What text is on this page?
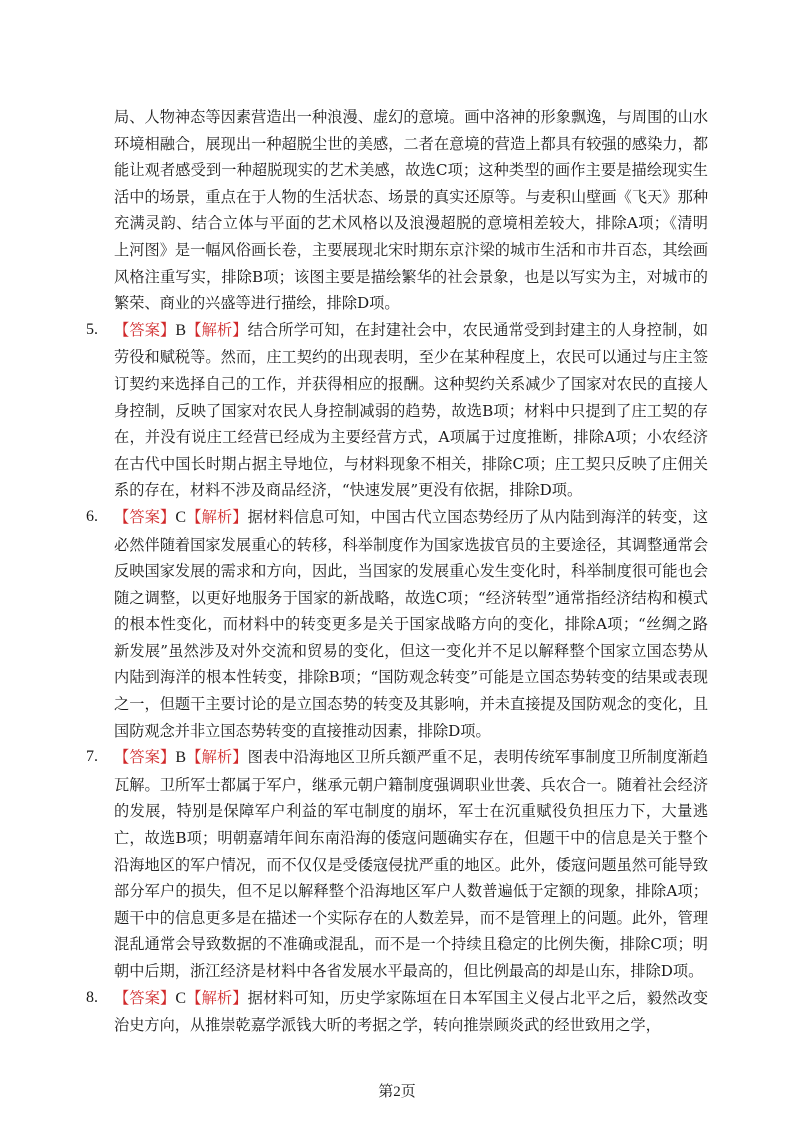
局、人物神态等因素营造出一种浪漫、虚幻的意境。画中洛神的形象飘逸，与周围的山水环境相融合，展现出一种超脱尘世的美感，二者在意境的营造上都具有较强的感染力，都能让观者感受到一种超脱现实的艺术美感，故选C项；这种类型的画作主要是描绘现实生活中的场景，重点在于人物的生活状态、场景的真实还原等。与麦积山壁画《飞天》那种充满灵韵、结合立体与平面的艺术风格以及浪漫超脱的意境相差较大，排除A项；《清明上河图》是一幅风俗画长卷，主要展现北宋时期东京汴梁的城市生活和市井百态，其绘画风格注重写实，排除B项；该图主要是描绘繁华的社会景象，也是以写实为主，对城市的繁荣、商业的兴盛等进行描绘，排除D项。

5.	【答案】B【解析】结合所学可知，在封建社会中，农民通常受到封建主的人身控制，如劳役和赋税等。然而，庄工契约的出现表明，至少在某种程度上，农民可以通过与庄主签订契约来选择自己的工作，并获得相应的报酬。这种契约关系减少了国家对农民的直接人身控制，反映了国家对农民人身控制减弱的趋势，故选B项；材料中只提到了庄工契的存在，并没有说庄工经营已经成为主要经营方式，A项属于过度推断，排除A项；小农经济在古代中国长时期占据主导地位，与材料现象不相关，排除C项；庄工契只反映了庄佣关系的存在，材料不涉及商品经济，“快速发展”更没有依据，排除D项。
6.	【答案】C【解析】据材料信息可知，中国古代立国态势经历了从内陆到海洋的转变，这必然伴随着国家发展重心的转移，科举制度作为国家选拔官员的主要途径，其调整通常会反映国家发展的需求和方向，因此，当国家的发展重心发生变化时，科举制度很可能也会随之调整，以更好地服务于国家的新战略，故选C项；“经济转型”通常指经济结构和模式的根本性变化，而材料中的转变更多是关于国家战略方向的变化，排除A项；“丝绸之路新发展”虽然涉及对外交流和贸易的变化，但这一变化并不足以解释整个国家立国态势从内陆到海洋的根本性转变，排除B项；“国防观念转变”可能是立国态势转变的结果或表现之一，但题干主要讨论的是立国态势的转变及其影响，并未直接提及国防观念的变化，且国防观念并非立国态势转变的直接推动因素，排除D项。
7.	【答案】B【解析】图表中沿海地区卫所兵额严重不足，表明传统军事制度卫所制度渐趋瓦解。卫所军士都属于军户，继承元朝户籍制度强调职业世袭、兵农合一。随着社会经济的发展，特别是保障军户利益的军屯制度的崩坏，军士在沉重赋役负担压力下，大量逃亡，故选B项；明朝嘉靖年间东南沿海的倭寇问题确实存在，但题干中的信息是关于整个沿海地区的军户情况，而不仅仅是受倭寇侵扰严重的地区。此外，倭寇问题虽然可能导致部分军户的损失，但不足以解释整个沿海地区军户人数普遍低于定额的现象，排除A项；题干中的信息更多是在描述一个实际存在的人数差异，而不是管理上的问题。此外，管理混乱通常会导致数据的不准确或混乱，而不是一个持续且稳定的比例失衡，排除C项；明朝中后期，浙江经济是材料中各省发展水平最高的，但比例最高的却是山东，排除D项。
8.	【答案】C【解析】据材料可知，历史学家陈垣在日本军国主义侵占北平之后，毅然改变治史方向，从推崇乾嘉学派钱大昕的考据之学，转向推崇顾炎武的经世致用之学，
第2页
